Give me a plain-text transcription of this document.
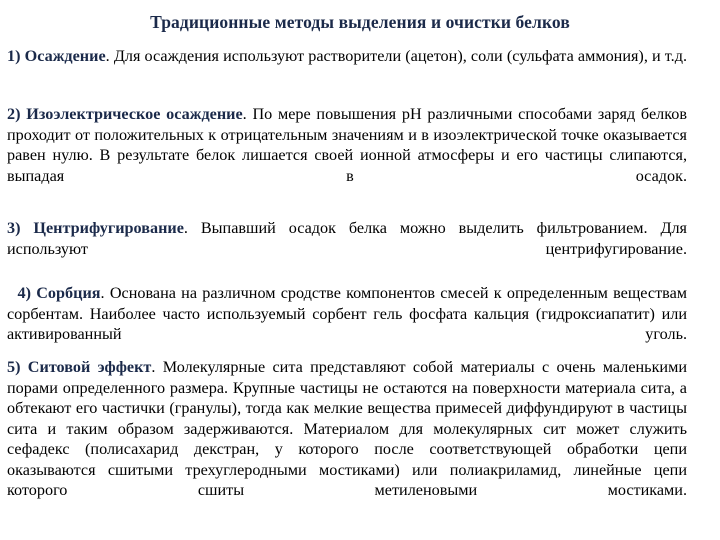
Традиционные методы выделения и очистки белков
1) Осаждение. Для осаждения используют растворители (ацетон), соли (сульфата аммония), и т.д.
2) Изоэлектрическое осаждение. По мере повышения pH различными способами заряд белков проходит от положительных к отрицательным значениям и в изоэлектрической точке оказывается равен нулю. В результате белок лишается своей ионной атмосферы и его частицы слипаются, выпадая в осадок.
3) Центрифугирование. Выпавший осадок белка можно выделить фильтрованием. Для используют центрифугирование.
4) Сорбция. Основана на различном сродстве компонентов смесей к определенным веществам сорбентам. Наиболее часто используемый сорбент гель фосфата кальция (гидроксиапатит) или активированный уголь.
5) Ситовой эффект. Молекулярные сита представляют собой материалы с очень маленькими порами определенного размера. Крупные частицы не остаются на поверхности материала сита, а обтекают его частички (гранулы), тогда как мелкие вещества примесей диффундируют в частицы сита и таким образом задерживаются. Материалом для молекулярных сит может служить сефадекс (полисахарид декстран, у которого после соответствующей обработки цепи оказываются сшитыми трехуглеродными мостиками) или полиакриламид, линейные цепи которого сшиты метиленовыми мостиками.
